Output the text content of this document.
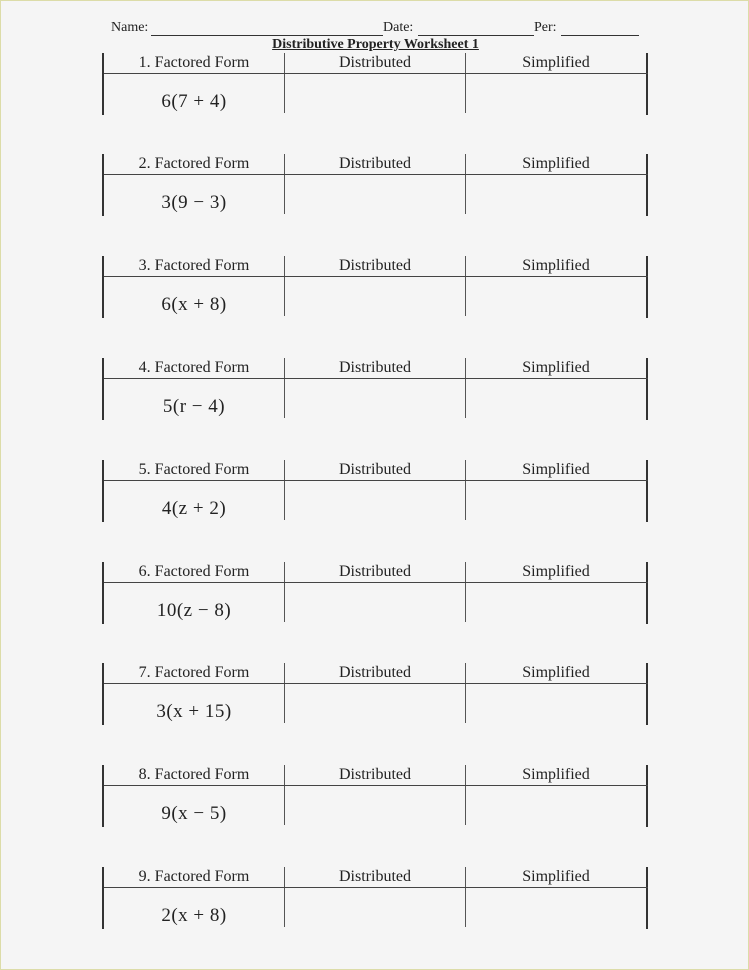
Name:	Date:	Per:
Distributive Property Worksheet 1
1. Factored Form	Distributed	Simplified
6(7 + 4)
2. Factored Form	Distributed	Simplified
3(9 − 3)
3. Factored Form	Distributed	Simplified
6(x + 8)
4. Factored Form	Distributed	Simplified
5(r − 4)
5. Factored Form	Distributed	Simplified
4(z + 2)
6. Factored Form	Distributed	Simplified
10(z − 8)
7. Factored Form	Distributed	Simplified
3(x + 15)
8. Factored Form	Distributed	Simplified
9(x − 5)
9. Factored Form	Distributed	Simplified
2(x + 8)
